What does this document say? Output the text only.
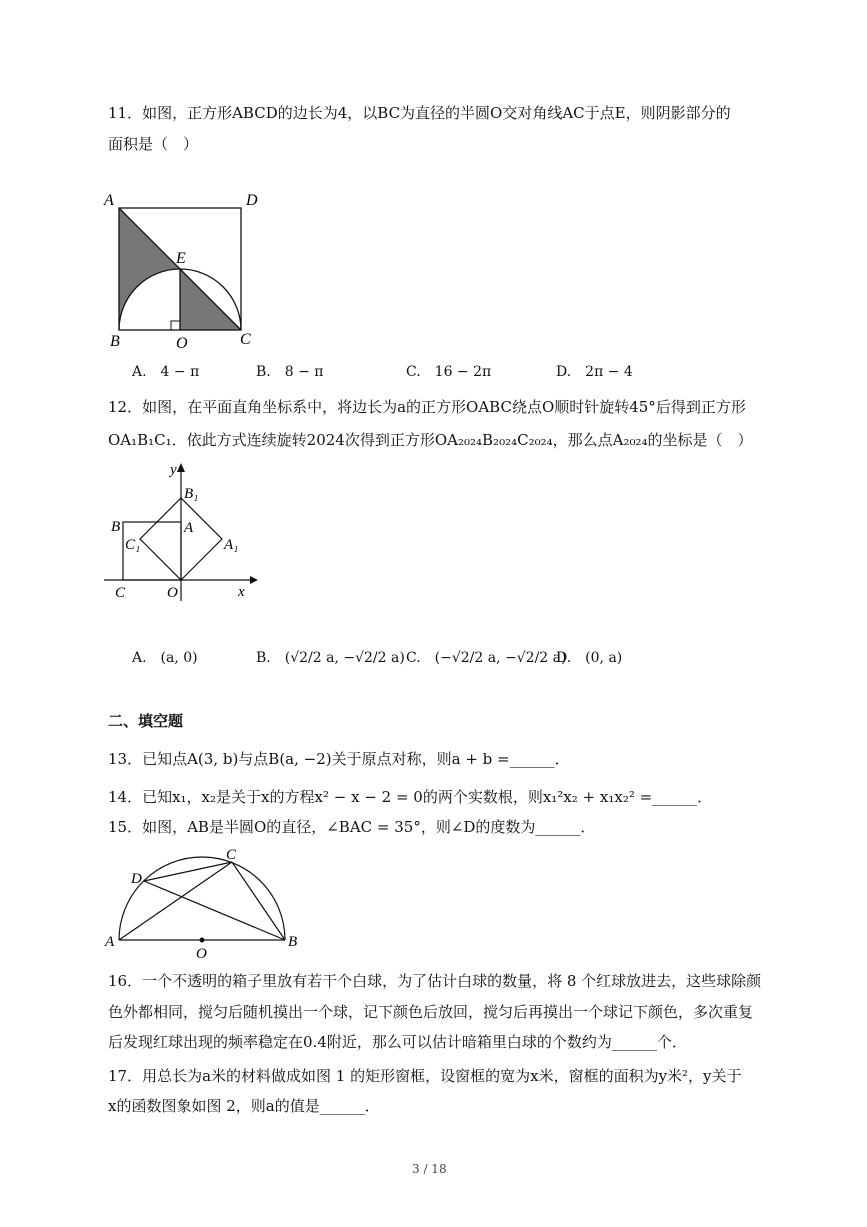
11．如图，正方形ABCD的边长为4，以BC为直径的半圆O交对角线AC于点E，则阴影部分的
面积是（　）
A	D
E
B	C
O
A.　4 − π	B.　8 − π	C.　16 − 2π	D.　2π − 4
12．如图，在平面直角坐标系中，将边长为a的正方形OABC绕点O顺时针旋转45°后得到正方形
OA₁B₁C₁．依此方式连续旋转2024次得到正方形OA₂₀₂₄B₂₀₂₄C₂₀₂₄，那么点A₂₀₂₄的坐标是（　）
y
x
B₁
B	A
C₁	A₁
C	O
A.　(a, 0)	B.　(√2/2 a, −√2/2 a) C.　(−√2/2 a, −√2/2 a)
D.　(0, a)
二、填空题
13．已知点A(3, b)与点B(a, −2)关于原点对称，则a + b =______．
14．已知x₁，x₂是关于x的方程x² − x − 2 = 0的两个实数根，则x₁²x₂ + x₁x₂² =______．
15．如图，AB是半圆O的直径，∠BAC = 35°，则∠D的度数为______．
A	B
C
D
O
16．一个不透明的箱子里放有若干个白球，为了估计白球的数量，将 8 个红球放进去，这些球除颜
色外都相同，搅匀后随机摸出一个球，记下颜色后放回，搅匀后再摸出一个球记下颜色，多次重复
后发现红球出现的频率稳定在0.4附近，那么可以估计暗箱里白球的个数约为______个．
17．用总长为a米的材料做成如图 1 的矩形窗框，设窗框的宽为x米，窗框的面积为y米²，y关于
x的函数图象如图 2，则a的值是______．
3 / 18
